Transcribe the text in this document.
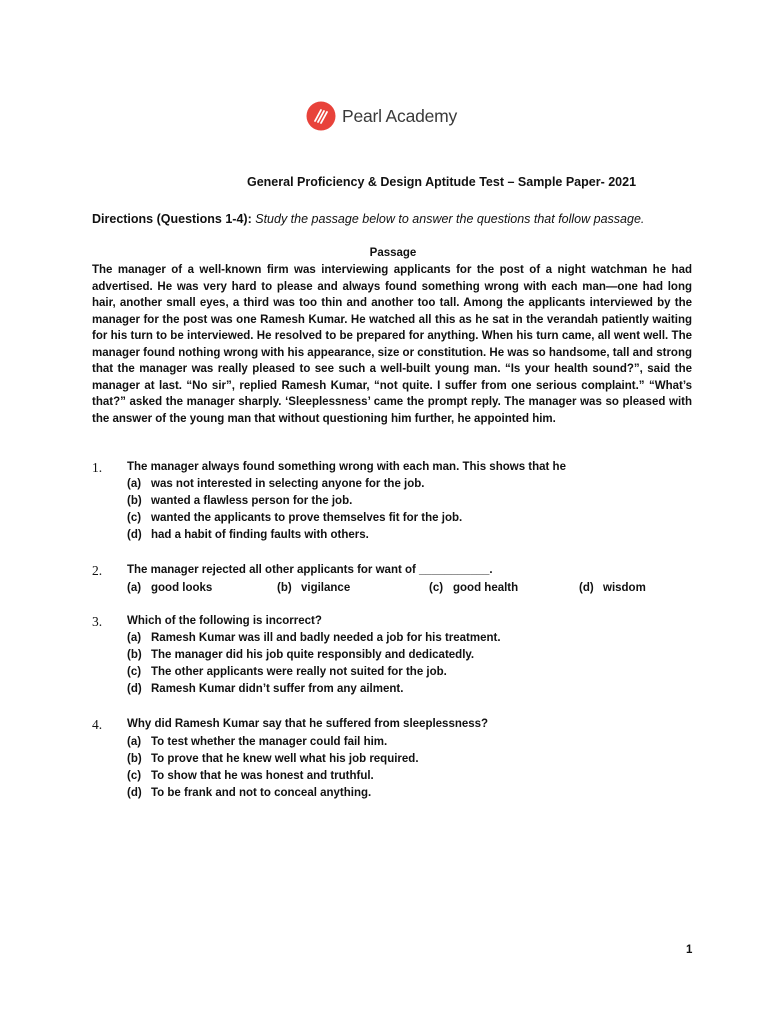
Pearl Academy
General Proficiency & Design Aptitude Test – Sample Paper- 2021
Directions (Questions 1-4): Study the passage below to answer the questions that follow passage.
Passage
The manager of a well-known firm was interviewing applicants for the post of a night watchman he had advertised. He was very hard to please and always found something wrong with each man—one had long hair, another small eyes, a third was too thin and another too tall. Among the applicants interviewed by the manager for the post was one Ramesh Kumar. He watched all this as he sat in the verandah patiently waiting for his turn to be interviewed. He resolved to be prepared for anything. When his turn came, all went well. The manager found nothing wrong with his appearance, size or constitution. He was so handsome, tall and strong that the manager was really pleased to see such a well-built young man. “Is your health sound?”, said the manager at last. “No sir”, replied Ramesh Kumar, “not quite. I suffer from one serious complaint.” “What’s that?” asked the manager sharply. ‘Sleeplessness’ came the prompt reply. The manager was so pleased with the answer of the young man that without questioning him further, he appointed him.
1. The manager always found something wrong with each man. This shows that he
(a) was not interested in selecting anyone for the job.
(b) wanted a flawless person for the job.
(c) wanted the applicants to prove themselves fit for the job.
(d) had a habit of finding faults with others.
2. The manager rejected all other applicants for want of ___________.
(a) good looks	(b) vigilance	(c) good health	(d) wisdom
3. Which of the following is incorrect?
(a) Ramesh Kumar was ill and badly needed a job for his treatment.
(b) The manager did his job quite responsibly and dedicatedly.
(c) The other applicants were really not suited for the job.
(d) Ramesh Kumar didn’t suffer from any ailment.
4. Why did Ramesh Kumar say that he suffered from sleeplessness?
(a) To test whether the manager could fail him.
(b) To prove that he knew well what his job required.
(c) To show that he was honest and truthful.
(d) To be frank and not to conceal anything.
1
